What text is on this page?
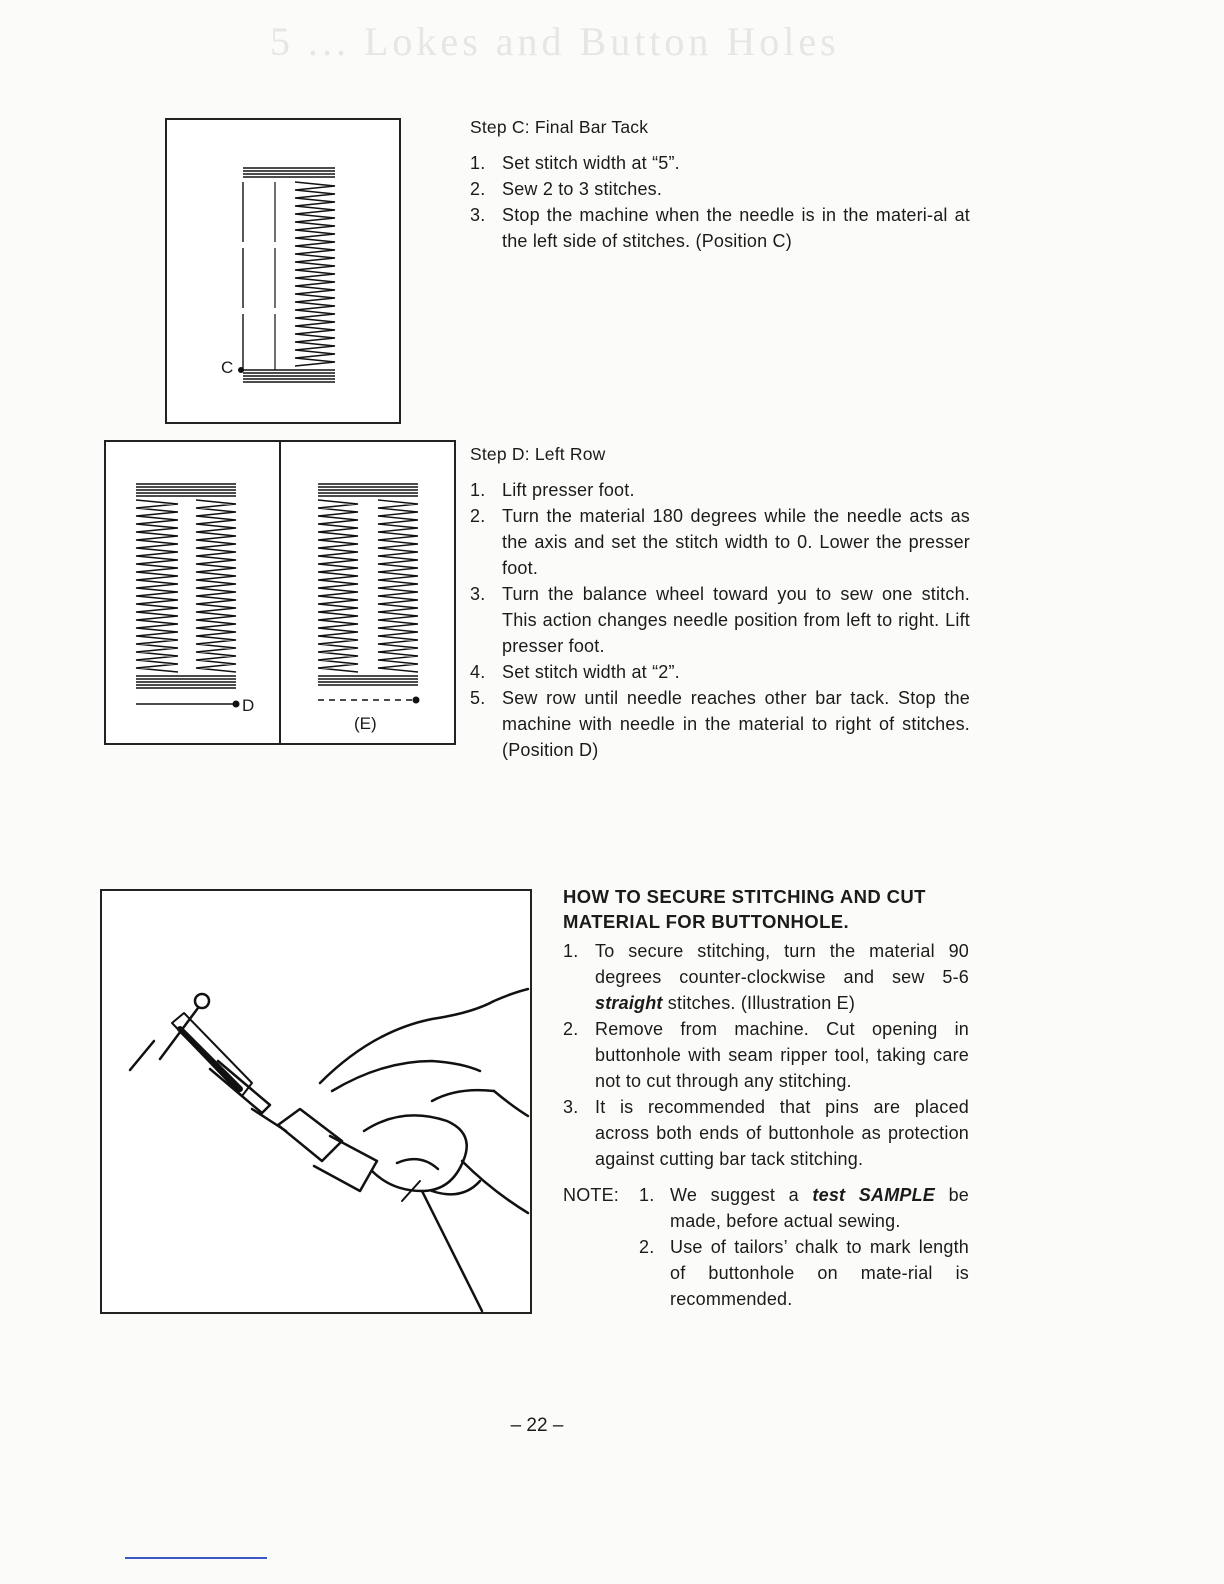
5 ... Lokes and Button Holes
C
D
(E)
Step C: Final Bar Tack
1. Set stitch width at “5”.
2. Sew 2 to 3 stitches.
3. Stop the machine when the needle is in the materi-al at the left side of stitches. (Position C)
Step D: Left Row
1. Lift presser foot.
2. Turn the material 180 degrees while the needle acts as the axis and set the stitch width to 0. Lower the presser foot.
3. Turn the balance wheel toward you to sew one stitch. This action changes needle position from left to right. Lift presser foot.
4. Set stitch width at “2”.
5. Sew row until needle reaches other bar tack. Stop the machine with needle in the material to right of stitches. (Position D)
HOW TO SECURE STITCHING AND CUT MATERIAL FOR BUTTONHOLE.
1. To secure stitching, turn the material 90 degrees counter-clockwise and sew 5-6 straight stitches. (Illustration E)
2. Remove from machine. Cut opening in buttonhole with seam ripper tool, taking care not to cut through any stitching.
3. It is recommended that pins are placed across both ends of buttonhole as protection against cutting bar tack stitching.
NOTE: 1. We suggest a test SAMPLE be made, before actual sewing.
2. Use of tailors’ chalk to mark length of buttonhole on mate-rial is recommended.
– 22 –
